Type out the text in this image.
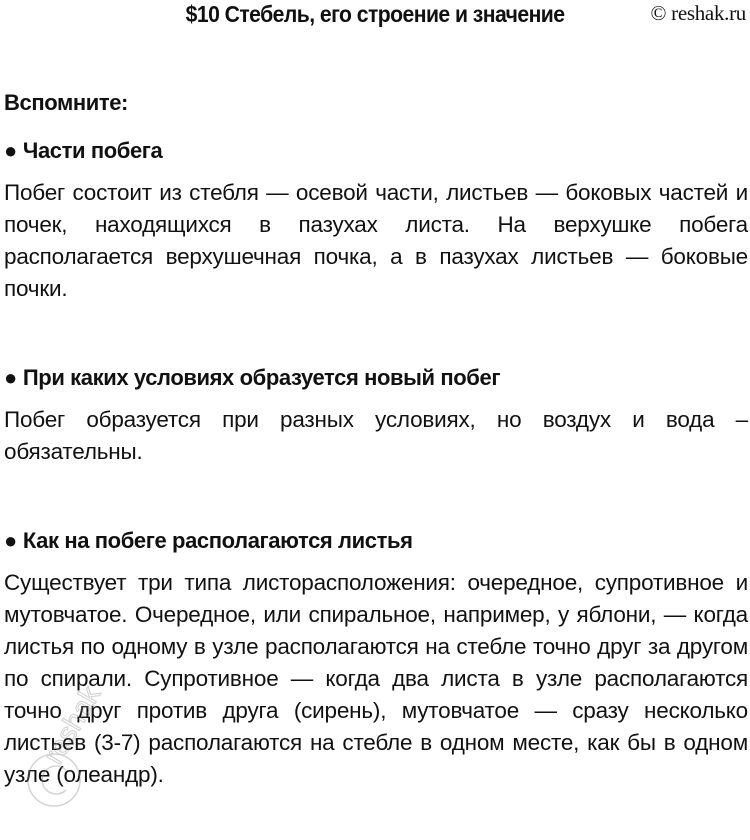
$10 Стебель, его строение и значение	© reshak.ru
Вспомните:
● Части побега

Побег состоит из стебля — осевой части, листьев — боковых частей и почек, находящихся в пазухах листа. На верхушке побега располагается верхушечная почка, а в пазухах листьев — боковые почки.

● При каких условиях образуется новый побег

Побег образуется при разных условиях, но воздух и вода – обязательны.

● Как на побеге располагаются листья

Существует три типа листорасположения: очередное, супротивное и мутовчатое. Очередное, или спиральное, например, у яблони, — когда листья по одному в узле располагаются на стебле точно друг за другом по спирали. Супротивное — когда два листа в узле располагаются точно друг против друга (сирень), мутовчатое — сразу несколько листьев (3-7) располагаются на стебле в одном месте, как бы в одном узле (олеандр).

reshak
